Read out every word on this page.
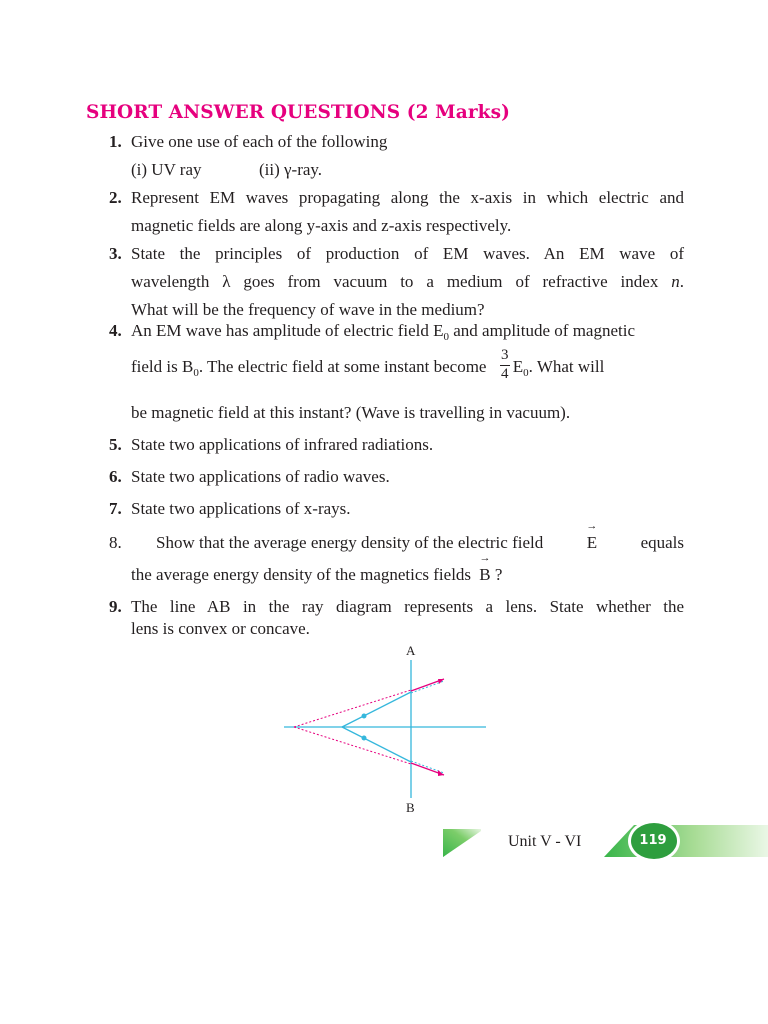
SHORT ANSWER QUESTIONS (2 Marks)
1. Give one use of each of the following
(i) UV ray	(ii) γ-ray.
2. Represent EM waves propagating along the x-axis in which electric and
magnetic fields are along y-axis and z-axis respectively.
3. State the principles of production of EM waves. An EM wave of
wavelength λ goes from vacuum to a medium of refractive index n.
What will be the frequency of wave in the medium?
4. An EM wave has amplitude of electric field $E_0$ and amplitude of magnetic
field is $B_0$. The electric field at some instant become $\frac{3}{4} E_0$. What will
be magnetic field at this instant? (Wave is travelling in vacuum).
5. State two applications of infrared radiations.
6. State two applications of radio waves.
7. State two applications of x-rays.
8. Show that the average energy density of the electric field
→
E	equals
the average energy density of the magnetics fields
→
B ?
9. The line AB in the ray diagram represents a lens. State whether the
lens is convex or concave.
A
B
Unit V - VI	119
